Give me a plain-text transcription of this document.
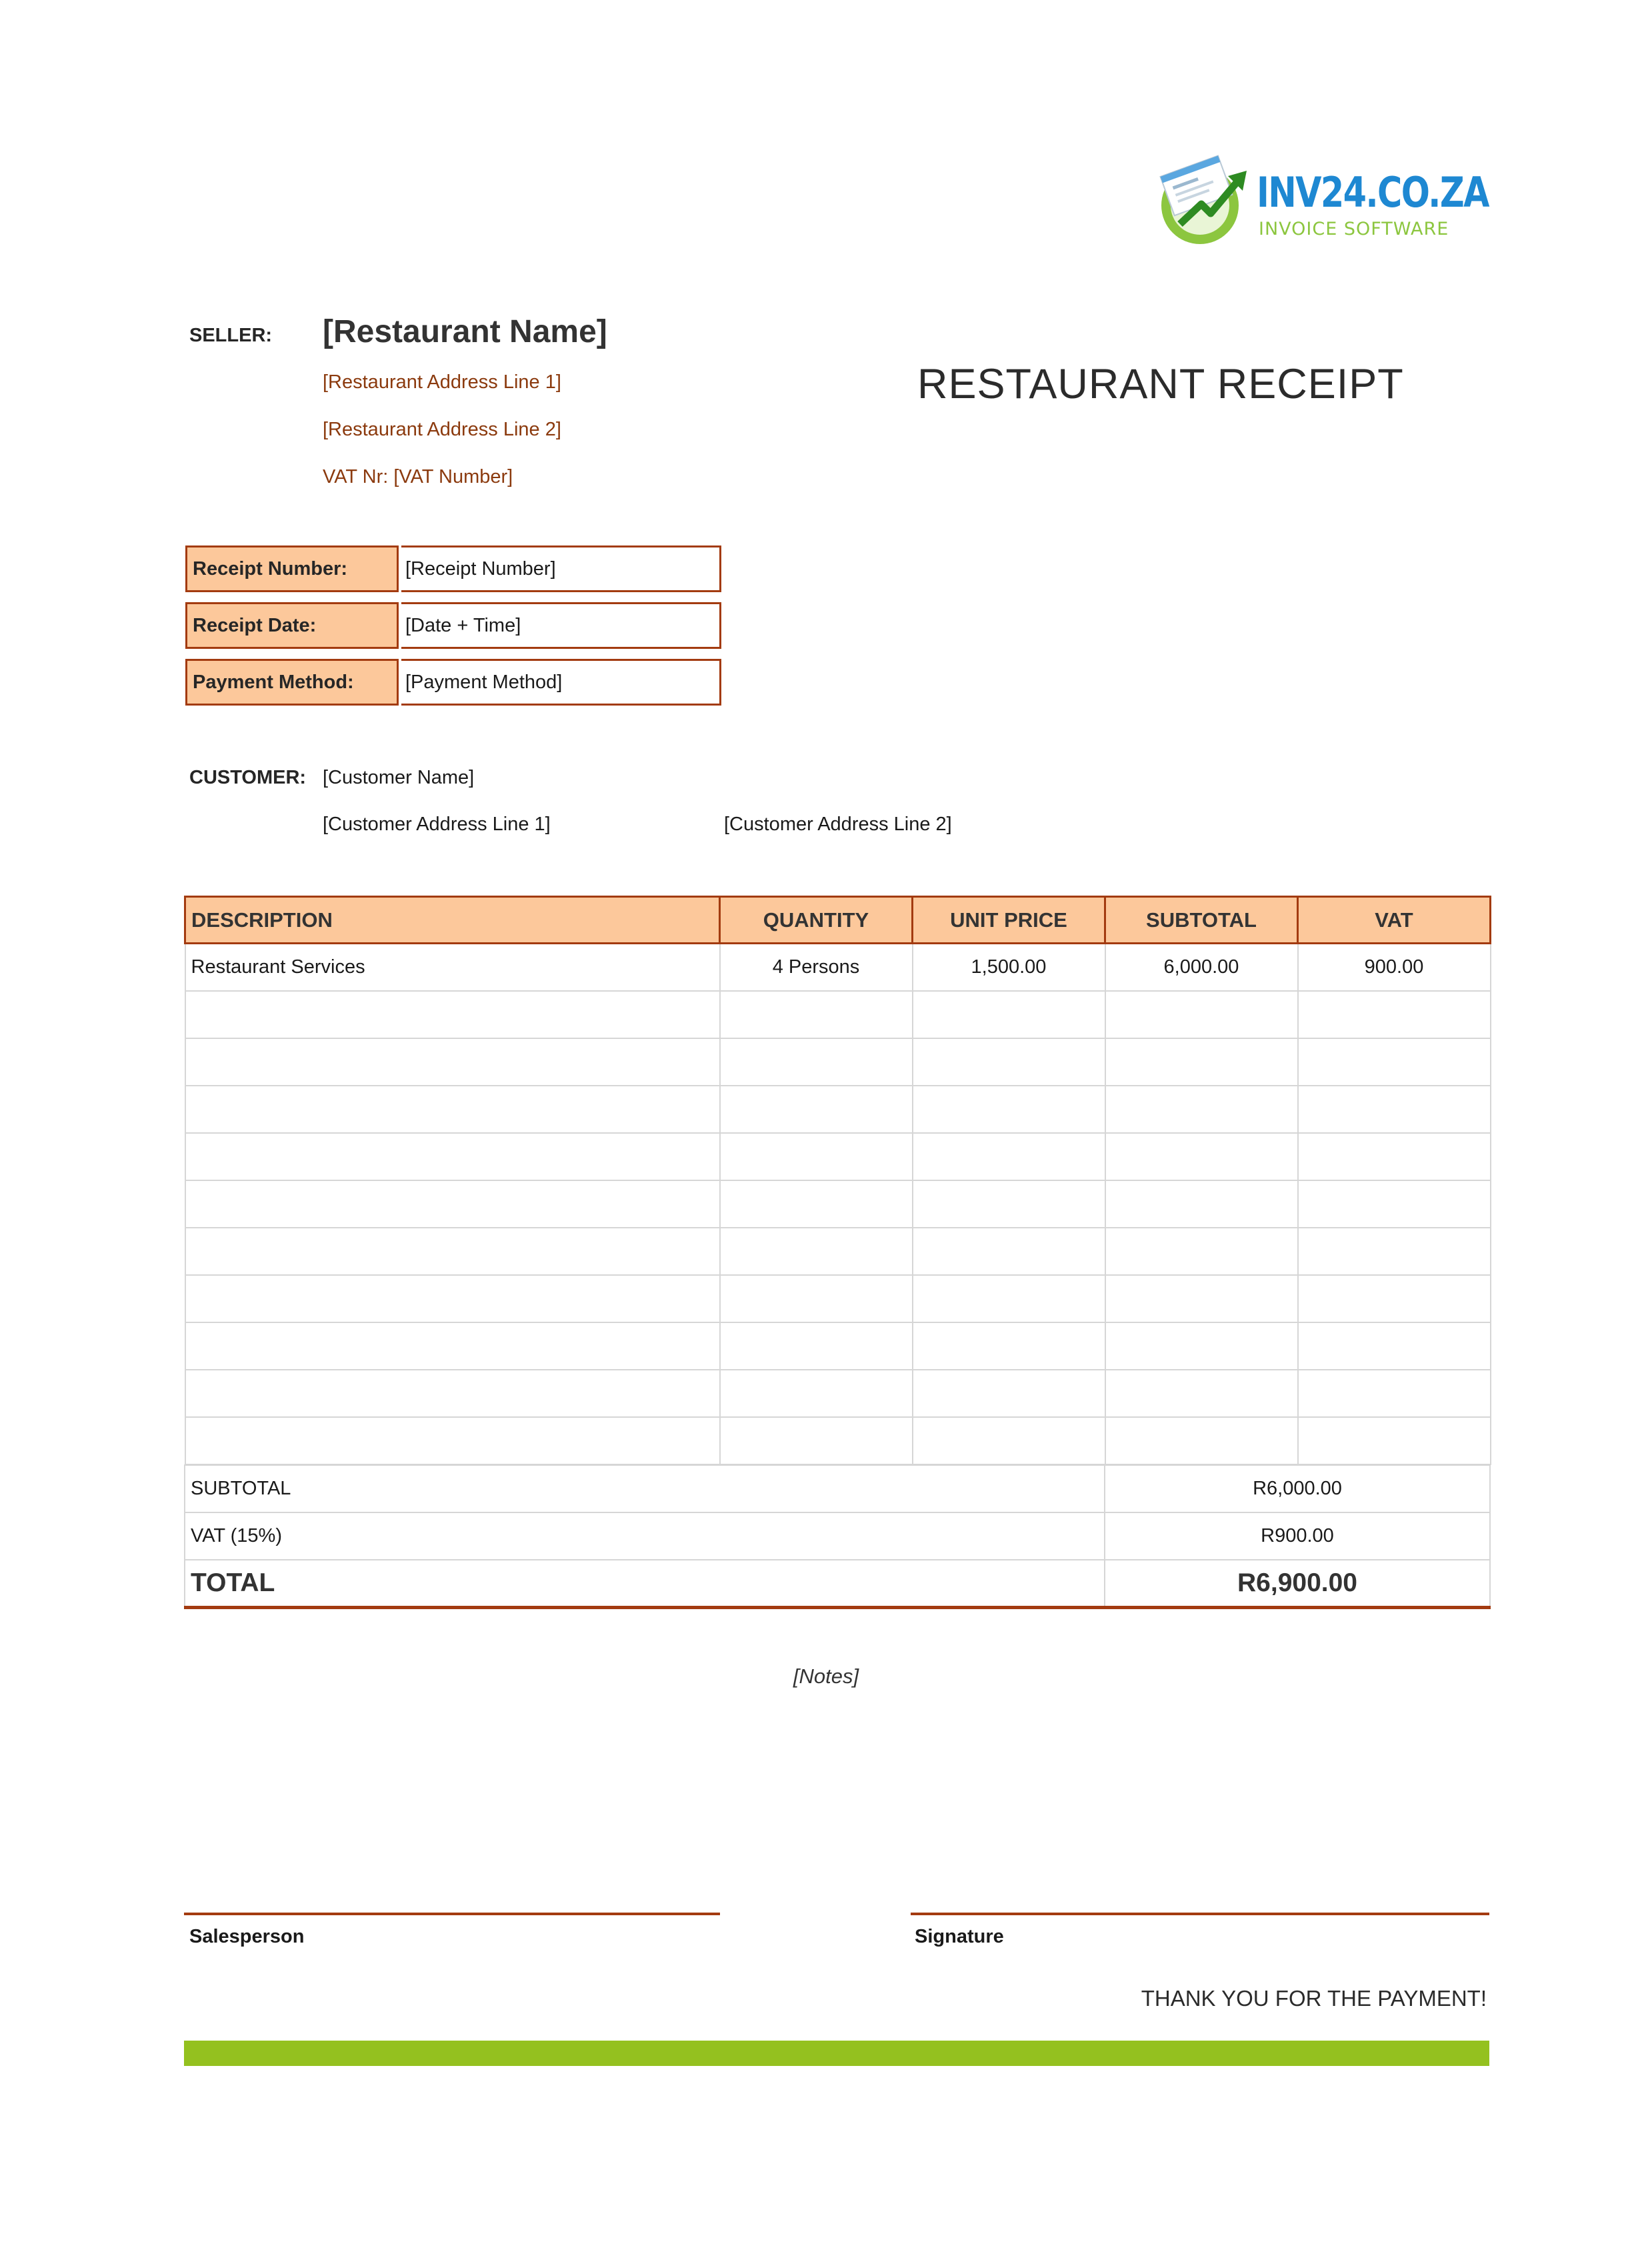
INV24.CO.ZA
INVOICE SOFTWARE
SELLER: [Restaurant Name]
[Restaurant Address Line 1]
[Restaurant Address Line 2]
VAT Nr: [VAT Number]
RESTAURANT RECEIPT
Receipt Number:	[Receipt Number]
Receipt Date:	[Date + Time]
Payment Method:	[Payment Method]
CUSTOMER: [Customer Name]
[Customer Address Line 1]	[Customer Address Line 2]
DESCRIPTION	QUANTITY	UNIT PRICE	SUBTOTAL	VAT
Restaurant Services	4 Persons	1,500.00	6,000.00	900.00

SUBTOTAL	R6,000.00
VAT (15%)	R900.00
TOTAL	R6,900.00
[Notes]
Salesperson	Signature
THANK YOU FOR THE PAYMENT!
